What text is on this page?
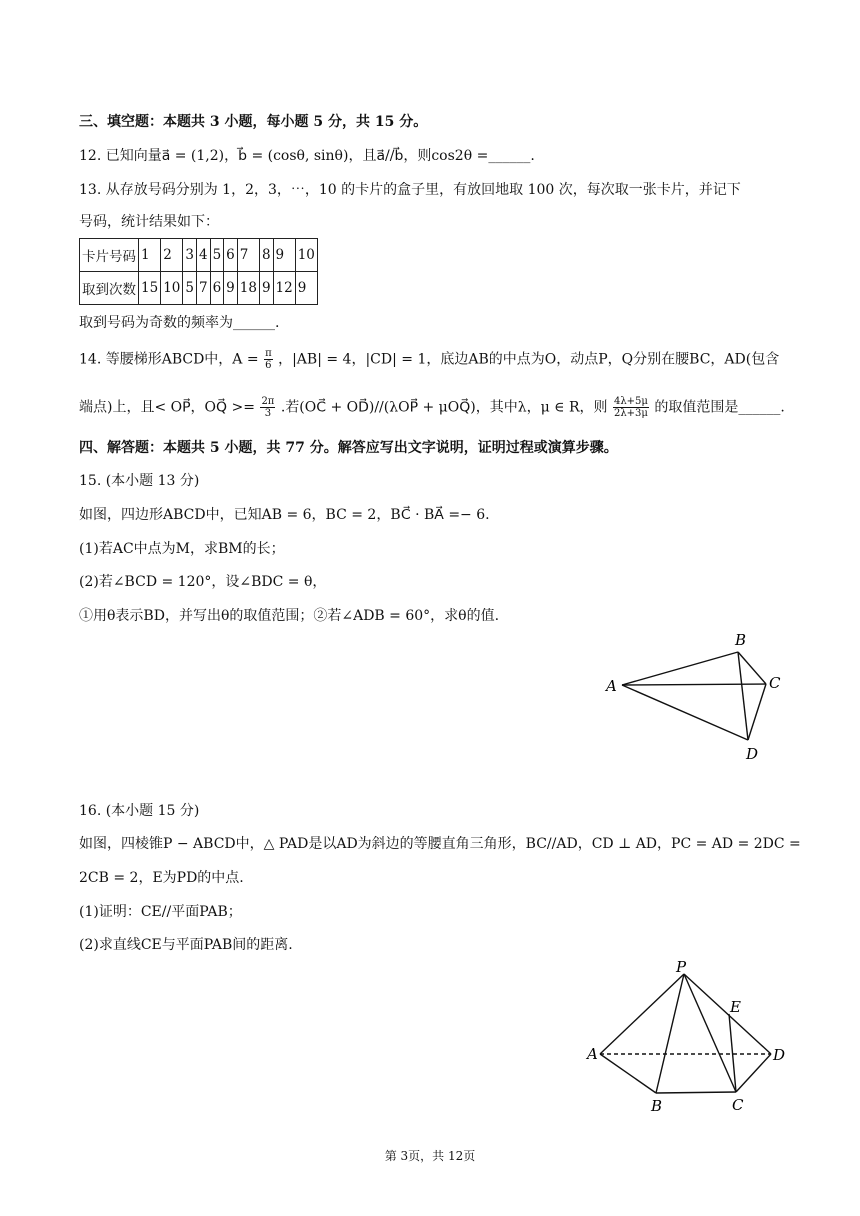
三、填空题：本题共 3 小题，每小题 5 分，共 15 分。
12. 已知向量a⃗ = (1,2)，b⃗ = (cosθ, sinθ)，且a⃗//b⃗，则cos2θ =______.
13. 从存放号码分别为 1，2，3，⋯，10 的卡片的盒子里，有放回地取 100 次，每次取一张卡片，并记下
号码，统计结果如下：
卡片号码	1	2	3	4	5	6	7	8	9	10
取到次数	15	10	5	7	6	9	18	9	12	9
取到号码为奇数的频率为______.
14. 等腰梯形ABCD中，$A = \frac{\pi}{6}$ ，|AB| = 4，|CD| = 1，底边AB的中点为O，动点P，Q分别在腰BC，AD(包含
端点)上，且< OP⃗，OQ⃗ >= $\frac{2\pi}{3}$ .若(OC⃗ + OD⃗)//(λOP⃗ + μOQ⃗)，其中λ，μ ∈ R，则 $\frac{4\lambda+5\mu}{2\lambda+3\mu}$ 的取值范围是______.
四、解答题：本题共 5 小题，共 77 分。解答应写出文字说明，证明过程或演算步骤。
15. (本小题 13 分)
如图，四边形ABCD中，已知AB = 6，BC = 2，BC⃗ · BA⃗ =− 6.
(1)若AC中点为M，求BM的长；
(2)若∠BCD = 120°，设∠BDC = θ，
①用θ表示BD，并写出θ的取值范围；②若∠ADB = 60°，求θ的值.
A
B
C
D
16. (本小题 15 分)
如图，四棱锥P − ABCD中，△ PAD是以AD为斜边的等腰直角三角形，BC//AD，CD ⊥ AD，PC = AD = 2DC =
2CB = 2，E为PD的中点.
(1)证明：CE//平面PAB；
(2)求直线CE与平面PAB间的距离.
P
E
A	D
B	C
第 3页，共 12页
